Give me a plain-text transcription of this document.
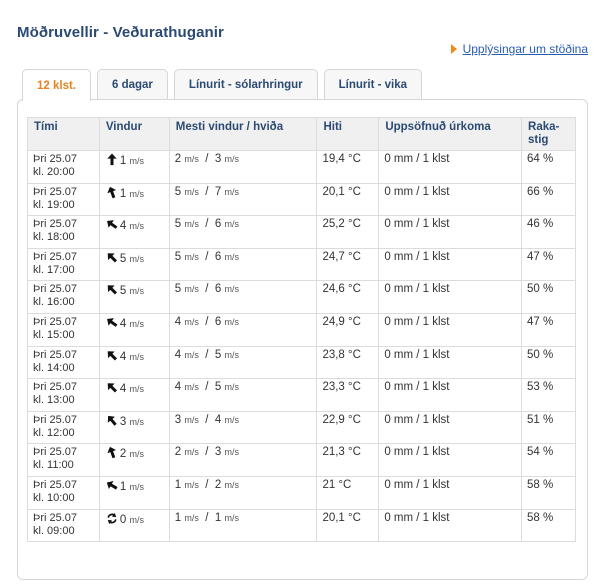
Möðruvellir - Veðurathuganir
Upplýsingar um stöðina
12 klst.	6 dagar	Línurit - sólarhringur	Línurit - vika
Tími	Vindur	Mesti vindur / hviða	Hiti	Uppsöfnuð úrkoma	Raka-stig

Þri 25.07
kl. 20:00	1 m/s	2 m/s  /  3 m/s	19,4 °C	0 mm / 1 klst	64 %

Þri 25.07
kl. 19:00	1 m/s	5 m/s  /  7 m/s	20,1 °C	0 mm / 1 klst	66 %

Þri 25.07
kl. 18:00	4 m/s	5 m/s  /  6 m/s	25,2 °C	0 mm / 1 klst	46 %

Þri 25.07
kl. 17:00	5 m/s	5 m/s  /  6 m/s	24,7 °C	0 mm / 1 klst	47 %

Þri 25.07
kl. 16:00	5 m/s	5 m/s  /  6 m/s	24,6 °C	0 mm / 1 klst	50 %

Þri 25.07
kl. 15:00	4 m/s	4 m/s  /  6 m/s	24,9 °C	0 mm / 1 klst	47 %

Þri 25.07
kl. 14:00	4 m/s	4 m/s  /  5 m/s	23,8 °C	0 mm / 1 klst	50 %

Þri 25.07
kl. 13:00	4 m/s	4 m/s  /  5 m/s	23,3 °C	0 mm / 1 klst	53 %

Þri 25.07
kl. 12:00	3 m/s	3 m/s  /  4 m/s	22,9 °C	0 mm / 1 klst	51 %

Þri 25.07
kl. 11:00	2 m/s	2 m/s  /  3 m/s	21,3 °C	0 mm / 1 klst	54 %

Þri 25.07
kl. 10:00	1 m/s	1 m/s  /  2 m/s	21 °C	0 mm / 1 klst	58 %

Þri 25.07
kl. 09:00	0 m/s	1 m/s  /  1 m/s	20,1 °C	0 mm / 1 klst	58 %
